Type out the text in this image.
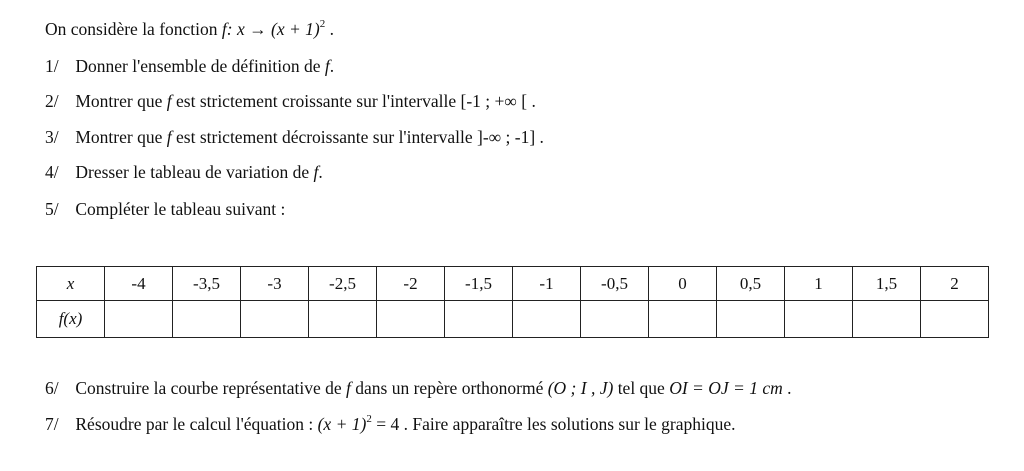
On considère la fonction f: $x \to (x + 1)^2$ .
1/ Donner l'ensemble de définition de f.
2/ Montrer que f est strictement croissante sur l'intervalle [-1 ; +∞ [ .
3/ Montrer que f est strictement décroissante sur l'intervalle ]-∞ ; -1] .
4/ Dresser le tableau de variation de f.
5/ Compléter le tableau suivant :
x	-4	-3,5	-3	-2,5	-2	-1,5	-1	-0,5	0	0,5	1	1,5	2
f(x)													
6/ Construire la courbe représentative de f dans un repère orthonormé (O ; I , J) tel que OI = OJ = 1 cm .
7/ Résoudre par le calcul l'équation : $(x + 1)^2 = 4$ . Faire apparaître les solutions sur le graphique.
